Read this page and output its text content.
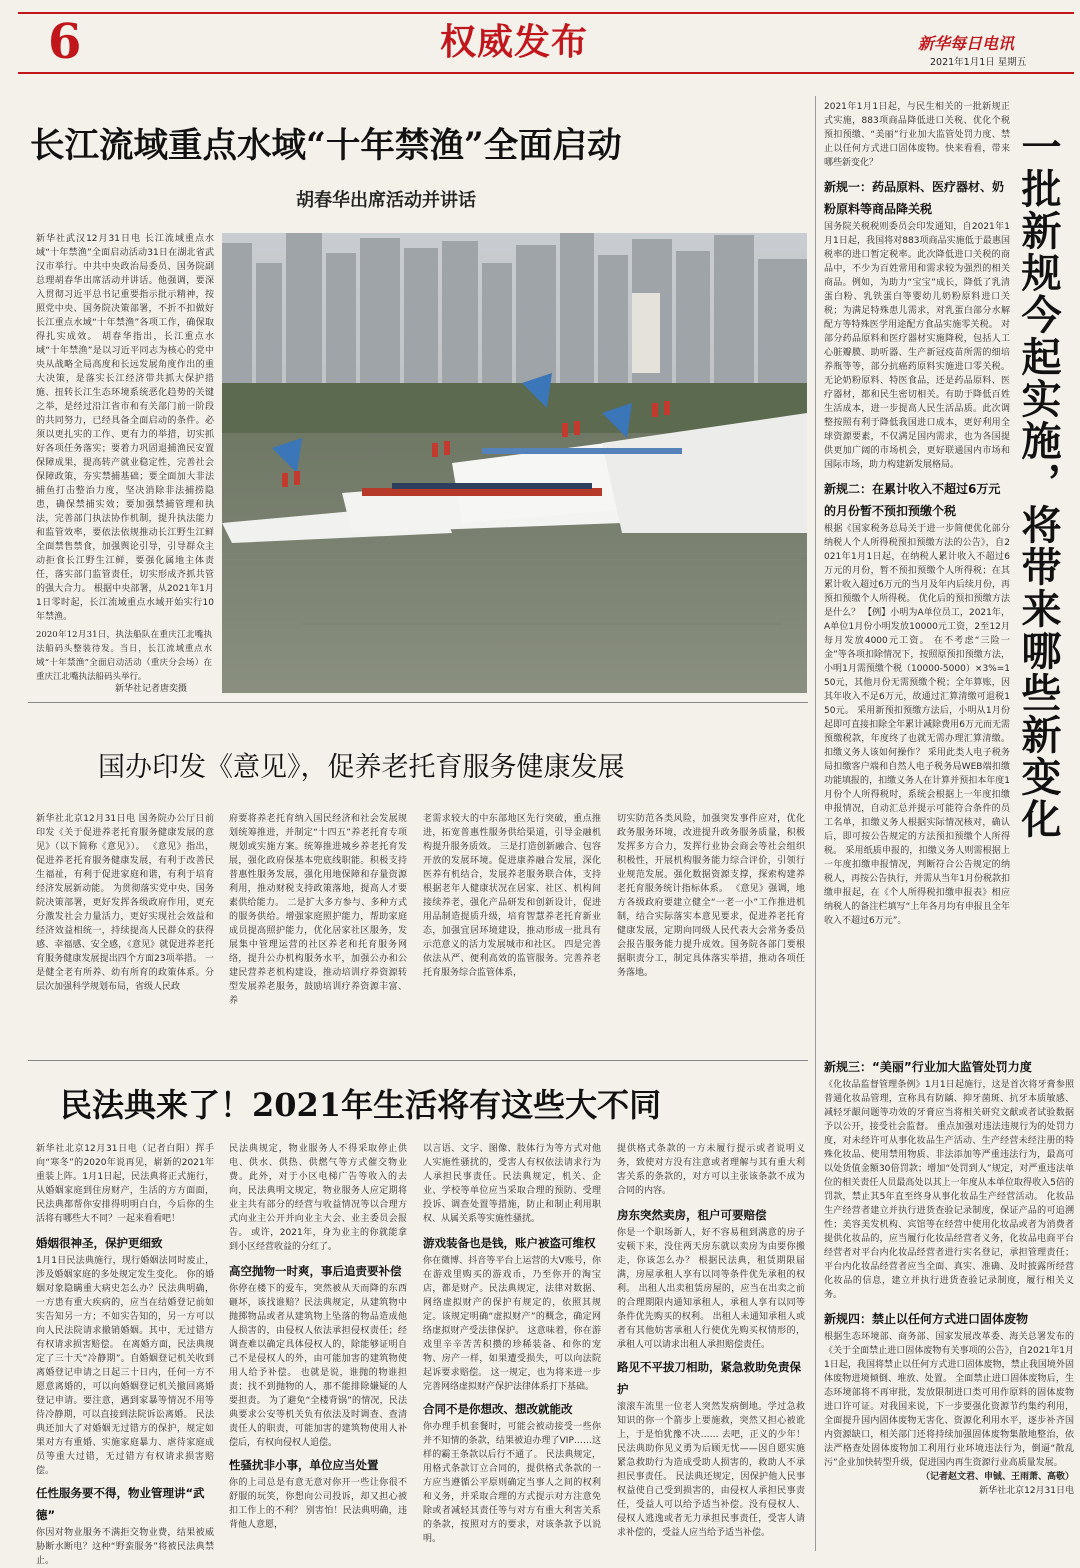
6	权威发布	新华每日电讯
2021年1月1日 星期五
长江流域重点水域“十年禁渔”全面启动
胡春华出席活动并讲话
新华社武汉12月31日电 长江流域重点水域“十年禁渔”全面启动活动31日在湖北省武汉市举行。中共中央政治局委员、国务院副总理胡春华出席活动并讲话。他强调，要深入贯彻习近平总书记重要指示批示精神，按照党中央、国务院决策部署，不折不扣做好长江重点水域“十年禁渔”各项工作，确保取得扎实成效。 胡春华指出，长江重点水域“十年禁渔”是以习近平同志为核心的党中央从战略全局高度和长远发展角度作出的重大决策，是落实长江经济带共抓大保护措施、扭转长江生态环境系统恶化趋势的关键之举，是经过沿江省市和有关部门前一阶段的共同努力，已经具备全面启动的条件。必须以更扎实的工作、更有力的举措，切实抓好各项任务落实；要着力巩固退捕渔民安置保障成果，提高转产就业稳定性，完善社会保障政策，夯实禁捕基础；要全面加大非法捕鱼打击整治力度，坚决消除非法捕捞隐患，确保禁捕实效；要加强禁捕管理和执法，完善部门执法协作机制，提升执法能力和监管效率，要依法依规推动长江野生江鲜全面禁售禁食，加强舆论引导，引导群众主动拒食长江野生江鲜，要强化属地主体责任，落实部门监管责任，切实形成齐抓共管的强大合力。 根据中央部署，从2021年1月1日零时起，长江流域重点水域开始实行10年禁渔。
2020年12月31日，执法船队在重庆江北嘴执法船码头整装待发。当日，长江流域重点水域“十年禁渔”全面启动活动（重庆分会场）在重庆江北嘴执法船码头举行。
新华社记者唐奕摄
国办印发《意见》，促养老托育服务健康发展
新华社北京12月31日电 国务院办公厅日前印发《关于促进养老托育服务健康发展的意见》（以下简称《意见》）。 《意见》指出，促进养老托育服务健康发展，有利于改善民生福祉，有利于促进家庭和谐，有利于培育经济发展新动能。 为贯彻落实党中央、国务院决策部署，更好发挥各级政府作用，更充分激发社会力量活力，更好实现社会效益和经济效益相统一，持续提高人民群众的获得感、幸福感、安全感，《意见》就促进养老托育服务健康发展提出四个方面23项举措。 一是健全老有所养、幼有所育的政策体系。分层次加强科学规划布局，省级人民政
府要将养老托育纳入国民经济和社会发展规划统筹推进，并制定“十四五”养老托育专项规划或实施方案。统筹推进城乡养老托育发展，强化政府保基本兜底线职能。积极支持普惠性服务发展，强化用地保障和存量资源利用，推动财税支持政策落地，提高人才要素供给能力。 二是扩大多方参与、多种方式的服务供给。增强家庭照护能力，帮助家庭成员提高照护能力，优化居家社区服务，发展集中管理运营的社区养老和托育服务网络，提升公办机构服务水平，加强公办和公建民营养老机构建设，推动培训疗养资源转型发展养老服务，鼓励培训疗养资源丰富、养
老需求较大的中东部地区先行突破，重点推进，拓宽普惠性服务供给渠道，引导金融机构提升服务质效。 三是打造创新融合、包容开放的发展环境。促进康养融合发展，深化医养有机结合，发展养老服务联合体，支持根据老年人健康状况在居家、社区、机构间接续养老，强化产品研发和创新设计，促进用品制造提质升级，培育智慧养老托育新业态，加强宜居环境建设，推动形成一批具有示范意义的活力发展城市和社区。 四是完善依法从严、便利高效的监管服务。完善养老托育服务综合监管体系，
切实防范各类风险，加强突发事件应对，优化政务服务环境，改进提升政务服务质量，积极发挥多方合力，发挥行业协会商会等社会组织积极性，开展机构服务能力综合评价，引领行业规范发展。强化数据资源支撑，探索构建养老托育服务统计指标体系。 《意见》强调，地方各级政府要建立健全“一老一小”工作推进机制，结合实际落实本意见要求，促进养老托育健康发展，定期向同级人民代表大会常务委员会报告服务能力提升成效。国务院各部门要根据职责分工，制定具体落实举措，推动各项任务落地。
民法典来了！2021年生活将有这些大不同
新华社北京12月31日电（记者白阳）挥手向“寒冬”的2020年说再见，崭新的2021年重装上阵。1月1日起，民法典将正式施行，从婚姻家庭到住房财产，生活的方方面面，民法典都帮你安排得明明白白，今后你的生活将有哪些大不同？一起来看看吧！
婚姻很神圣，保护更细致
1月1日民法典施行，现行婚姻法同时废止，涉及婚姻家庭的多处规定发生变化。 你的婚姻对象隐瞒重大病史怎么办？民法典明确，一方患有重大疾病的，应当在结婚登记前如实告知另一方；不如实告知的，另一方可以向人民法院请求撤销婚姻。其中，无过错方有权请求损害赔偿。 在离婚方面，民法典规定了三十天“冷静期”。自婚姻登记机关收到离婚登记申请之日起三十日内，任何一方不愿意离婚的，可以向婚姻登记机关撤回离婚登记申请。要注意，遇到家暴等情况不用等待冷静期，可以直接到法院诉讼离婚。 民法典还加大了对婚姻无过错方的保护，规定如果对方有重婚、实施家庭暴力、虐待家庭成员等重大过错，无过错方有权请求损害赔偿。
任性服务要不得，物业管理讲“武德”
你因对物业服务不满拒交物业费，结果被威胁断水断电？这种“野蛮服务”将被民法典禁止。
民法典规定，物业服务人不得采取停止供电、供水、供热、供燃气等方式催交物业费。此外，对于小区电梯广告等收入的去向，民法典明文规定，物业服务人应定期将业主共有部分的经营与收益情况等以合理方式向业主公开并向业主大会、业主委员会报告。 或许，2021年，身为业主的你就能拿到小区经营收益的分红了。
高空抛物一时爽，事后追责要补偿
你停在楼下的爱车，突然被从天而降的东西砸坏，该找谁赔？民法典规定，从建筑物中抛掷物品或者从建筑物上坠落的物品造成他人损害的，由侵权人依法承担侵权责任；经调查难以确定具体侵权人的，除能够证明自己不是侵权人的外，由可能加害的建筑物使用人给予补偿。 也就是说，谁抛的物谁担责；找不到抛物的人，那不能排除嫌疑的人要担责。 为了避免“全楼背锅”的情况，民法典要求公安等机关负有依法及时调查、查清责任人的职责，可能加害的建筑物使用人补偿后，有权向侵权人追偿。
性骚扰非小事，单位应当处置
你的上司总是有意无意对你开一些让你很不舒服的玩笑，你想向公司投诉，却又担心被扣工作上的不利？ 别害怕！民法典明确，违背他人意愿，
以言语、文字、图像、肢体行为等方式对他人实施性骚扰的，受害人有权依法请求行为人承担民事责任。民法典规定，机关、企业、学校等单位应当采取合理的预防、受理投诉、调查处置等措施，防止和制止利用职权、从属关系等实施性骚扰。
游戏装备也是钱，账户被盗可维权
你在微博、抖音等平台上运营的大V账号，你在游戏里购买的游戏币，乃至你开的淘宝店，都是财产。民法典规定，法律对数据、网络虚拟财产的保护有规定的，依照其规定。该规定明确“虚拟财产”的概念，确定网络虚拟财产受法律保护。 这意味着，你在游戏里辛辛苦苦积攒的珍稀装备、和你的宠物、房产一样，如果遭受损失，可以向法院起诉要求赔偿。 这一规定，也为将来进一步完善网络虚拟财产保护法律体系打下基础。
合同不是你想改、想改就能改
你办理手机套餐时，可能会被动接受一些你并不知情的条款，结果被迫办理了VIP……这样的霸王条款以后行不通了。 民法典规定，用格式条款订立合同的，提供格式条款的一方应当遵循公平原则确定当事人之间的权利和义务，并采取合理的方式提示对方注意免除或者减轻其责任等与对方有重大利害关系的条款，按照对方的要求，对该条款予以说明。
提供格式条款的一方未履行提示或者说明义务，致使对方没有注意或者理解与其有重大利害关系的条款的，对方可以主张该条款不成为合同的内容。
房东突然卖房，租户可要赔偿
你是一个职场新人，好不容易租到满意的房子安顿下来，没住两天房东就以卖房为由要你搬走，你该怎么办？ 根据民法典，租赁期限届满，房屋承租人享有以同等条件优先承租的权利。 出租人出卖租赁房屋的，应当在出卖之前的合理期限内通知承租人，承租人享有以同等条件优先购买的权利。 出租人未通知承租人或者有其他妨害承租人行使优先购买权情形的，承租人可以请求出租人承担赔偿责任。
路见不平拔刀相助，紧急救助免责保护
滚滚车流里一位老人突然发病倒地。学过急救知识的你一个箭步上要施救，突然又担心被讹上，于是怕犹豫不决…… 去吧，正义的少年！民法典助你见义勇为后顾无忧——因自愿实施紧急救助行为造成受助人损害的，救助人不承担民事责任。 民法典还规定，因保护他人民事权益使自己受到损害的，由侵权人承担民事责任，受益人可以给予适当补偿。没有侵权人、侵权人逃逸或者无力承担民事责任，受害人请求补偿的，受益人应当给予适当补偿。
一批新规今起实施，将带来哪些新变化
2021年1月1日起，与民生相关的一批新规正式实施，883项商品降低进口关税、优化个税预扣预缴、“美丽”行业加大监管处罚力度、禁止以任何方式进口固体废物。快来看看，带来哪些新变化？
新规一：药品原料、医疗器材、奶粉原料等商品降关税
国务院关税税则委员会印发通知，自2021年1月1日起，我国将对883项商品实施低于最惠国税率的进口暂定税率。此次降低进口关税的商品中，不少为百姓常用和需求较为强烈的相关商品。例如，为助力“宝宝”成长，降低了乳清蛋白粉、乳铁蛋白等婴幼儿奶粉原料进口关税；为满足特殊患儿需求，对乳蛋白部分水解配方等特殊医学用途配方食品实施零关税。 对部分药品原料和医疗器材实施降税，包括人工心脏瓣膜、助听器、生产新冠疫苗所需的细培养瓶等等，部分抗癌药原料实施进口零关税。 无论奶粉原料、特医食品，还是药品原料、医疗器材，都和民生密切相关。有助于降低百姓生活成本，进一步提高人民生活品质。此次调整按照有利于降低我国进口成本，更好利用全球资源要素，不仅满足国内需求，也为各国提供更加广阔的市场机会，更好联通国内市场和国际市场，助力构建新发展格局。
新规二：在累计收入不超过6万元的月份暂不预扣预缴个税
根据《国家税务总局关于进一步简便优化部分纳税人个人所得税预扣预缴方法的公告》，自2021年1月1日起，在纳税人累计收入不超过6万元的月份，暂不预扣预缴个人所得税；在其累计收入超过6万元的当月及年内后续月份，再预扣预缴个人所得税。 优化后的预扣预缴方法是什么？ 【例】小明为A单位员工，2021年，A单位1月份小明发放10000元工资，2至12月每月发放4000元工资。 在不考虑“三险一金”等各项扣除情况下，按照原预扣预缴方法，小明1月需预缴个税（10000-5000）×3%=150元，其他月份无需预缴个税；全年算账，因其年收入不足6万元，故通过汇算清缴可退税150元。 采用新预扣预缴方法后，小明从1月份起即可直接扣除全年累计减除费用6万元而无需预缴税款，年度终了也就无需办理汇算清缴。 扣缴义务人该如何操作？ 采用此类人电子税务局扣缴客户端和自然人电子税务局WEB端扣缴功能填报的，扣缴义务人在计算并预扣本年度1月份个人所得税时，系统会根据上一年度扣缴申报情况，自动汇总并提示可能符合条件的员工名单，扣缴义务人根据实际情况核对，确认后，即可按公告规定的方法预扣预缴个人所得税。 采用纸质申报的，扣缴义务人则需根据上一年度扣缴申报情况，判断符合公告规定的纳税人，再按公告执行，并需从当年1月份税款扣缴申报起，在《个人所得税扣缴申报表》相应纳税人的备注栏填写“上年各月均有申报且全年收入不超过6万元”。
新规三：“美丽”行业加大监管处罚力度
《化妆品监督管理条例》1月1日起施行，这是首次将牙膏参照普通化妆品管理，宣称具有防龋、抑牙菌斑、抗牙本质敏感、减轻牙龈问题等功效的牙膏应当将相关研究文献或者试验数据予以公开，接受社会监督。 重点加强对违法违规行为的处罚力度，对未经许可从事化妆品生产活动、生产经营未经注册的特殊化妆品、使用禁用物质、非法添加等严重违法行为，最高可以处货值金额30倍罚款；增加“处罚到人”规定，对严重违法单位的相关责任人员最高处以其上一年度从本单位取得收入5倍的罚款，禁止其5年直至终身从事化妆品生产经营活动。 化妆品生产经营者建立并执行进货查验记录制度，保证产品的可追溯性；美容美发机构、宾馆等在经营中使用化妆品或者为消费者提供化妆品的，应当履行化妆品经营者义务，化妆品电商平台经营者对平台内化妆品经营者进行实名登记，承担管理责任；平台内化妆品经营者应当全面、真实、准确、及时披露所经营化妆品的信息，建立并执行进货查验记录制度，履行相关义务。
新规四：禁止以任何方式进口固体废物
根据生态环境部、商务部、国家发展改革委、海关总署发布的《关于全面禁止进口固体废物有关事项的公告》，自2021年1月1日起，我国将禁止以任何方式进口固体废物，禁止我国境外固体废物进境倾倒、堆放、处置。 全面禁止进口固体废物后，生态环境部将不再审批，发放限制进口类可用作原料的固体废物进口许可证。对我国来说，下一步要强化资源节约集约利用，全面提升国内固体废物无害化、资源化利用水平，逐步补齐国内资源缺口，相关部门还将持续加强固体废物集散地整治，依法严格查处固体废物加工利用行业环境违法行为，倒逼“散乱污”企业加快转型升级，促进国内再生资源行业高质量发展。
（记者赵文君、申铖、王雨萧、高敬）
新华社北京12月31日电
